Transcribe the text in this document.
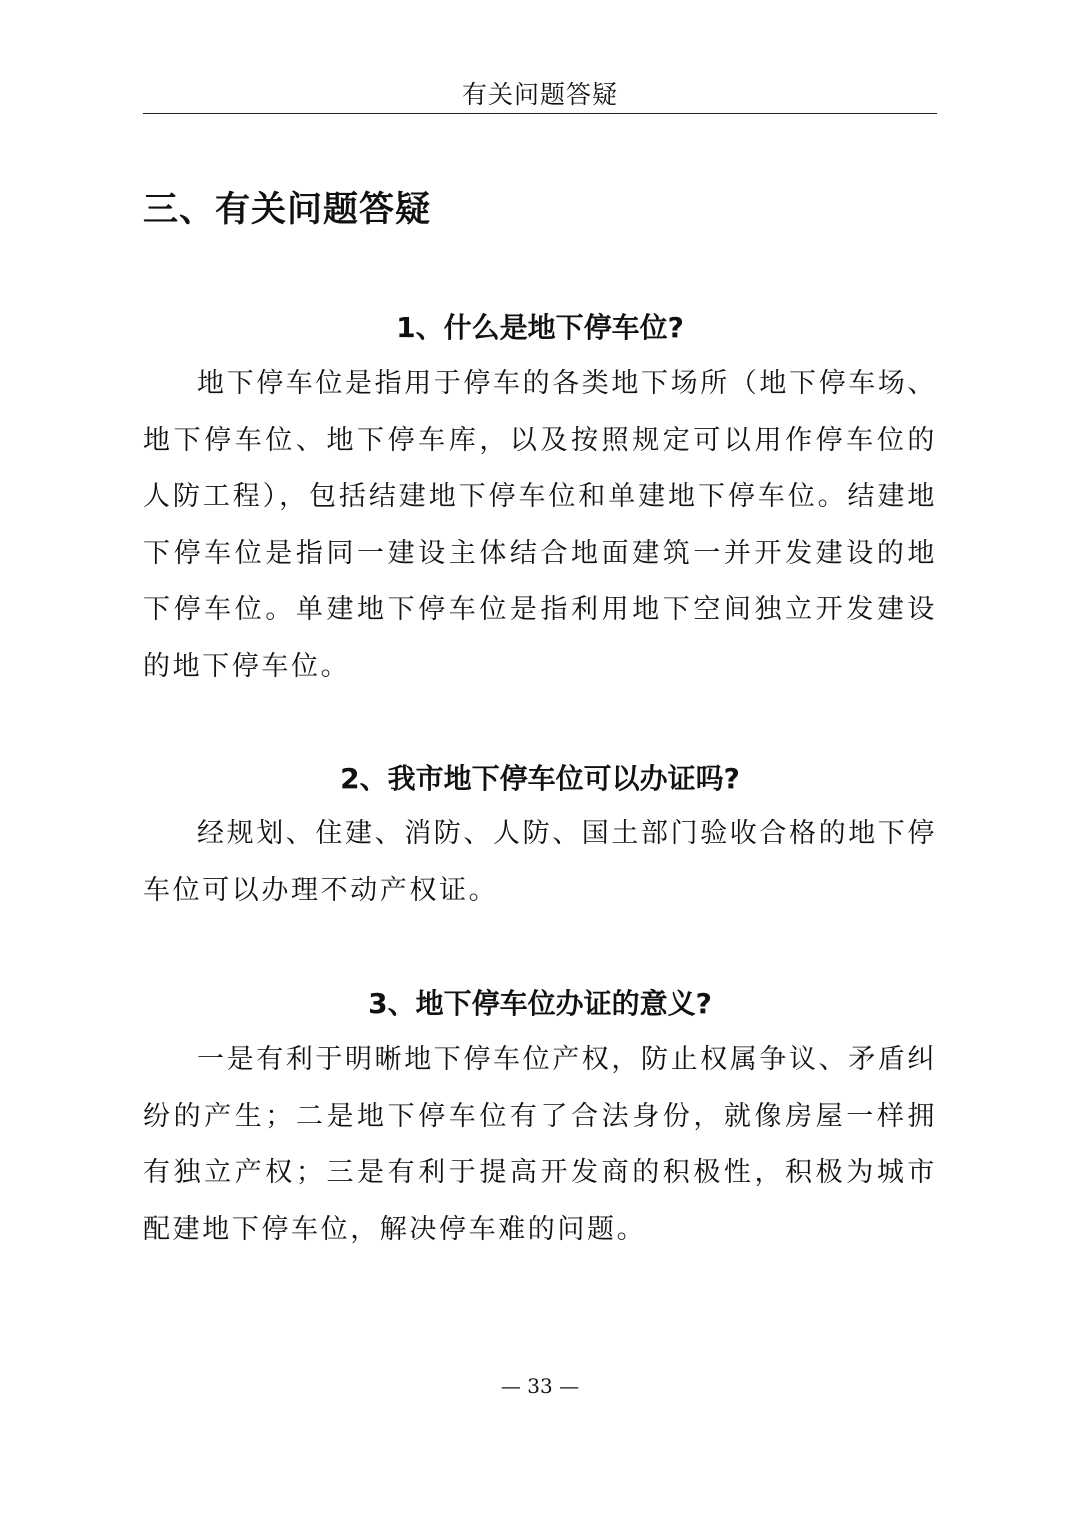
有关问题答疑
三、有关问题答疑
1、什么是地下停车位?

地下停车位是指用于停车的各类地下场所（地下停车场、地下停车位、地下停车库，以及按照规定可以用作停车位的人防工程），包括结建地下停车位和单建地下停车位。结建地下停车位是指同一建设主体结合地面建筑一并开发建设的地下停车位。单建地下停车位是指利用地下空间独立开发建设的地下停车位。

2、我市地下停车位可以办证吗?

经规划、住建、消防、人防、国土部门验收合格的地下停车位可以办理不动产权证。

3、地下停车位办证的意义?

一是有利于明晰地下停车位产权，防止权属争议、矛盾纠纷的产生；二是地下停车位有了合法身份，就像房屋一样拥有独立产权；三是有利于提高开发商的积极性，积极为城市配建地下停车位，解决停车难的问题。

— 33 —
